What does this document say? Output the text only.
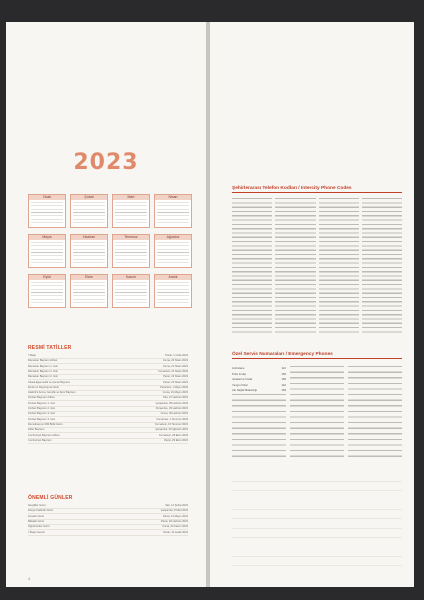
2023
Ocak	Şubat	Mart	Nisan
Mayıs	Haziran	Temmuz	Ağustos
Eylül	Ekim	Kasım	Aralık
RESMİ TATİLLER
Yılbaşı	Pazar, 1 Ocak 2023
Ramazan Bayramı Arifesi	Cuma, 20 Nisan 2023
Ramazan Bayramı 1. Gün	Cuma, 21 Nisan 2023
Ramazan Bayramı 2. Gün	Cumartesi, 22 Nisan 2023
Ramazan Bayramı 3. Gün	Pazar, 23 Nisan 2023
Ulusal Egemenlik ve Çocuk Bayramı	Pazar, 23 Nisan 2023
Emek ve Dayanışma Günü	Pazartesi, 1 Mayıs 2023
Atatürk'ü Anma, Gençlik ve Spor Bayramı	Cuma, 19 Mayıs 2023
Kurban Bayramı Arifesi	Salı, 27 Haziran 2023
Kurban Bayramı 1. Gün	Çarşamba, 28 Haziran 2023
Kurban Bayramı 2. Gün	Perşembe, 29 Haziran 2023
Kurban Bayramı 3. Gün	Cuma, 30 Haziran 2023
Kurban Bayramı 4. Gün	Cumartesi, 1 Temmuz 2023
Demokrasi ve Milli Birlik Günü	Cumartesi, 15 Temmuz 2023
Zafer Bayramı	Çarşamba, 30 Ağustos 2023
Cumhuriyet Bayramı Arifesi	Cumartesi, 28 Ekim 2023
Cumhuriyet Bayramı	Pazar, 29 Ekim 2023
ÖNEMLİ GÜNLER
Sevgililer Günü	Salı, 14 Şubat 2023
Dünya Kadınlar Günü	Çarşamba, 8 Mart 2023
Anneler Günü	Pazar, 14 Mayıs 2023
Babalar Günü	Pazar, 18 Haziran 2023
Öğretmenler Günü	Cuma, 24 Kasım 2023
Yılbaşı Gecesi	Pazar, 31 Aralık 2023
4
Şehirlerarası Telefon Kodları / Intercity Phone Codes
Özel Servis Numaraları / Emergency Phones
Ambulans	112
Polis İmdat	155
Jandarma İmdat	156
Yangın İhbar	110
Alo Sağlık Bakanlığı	184
